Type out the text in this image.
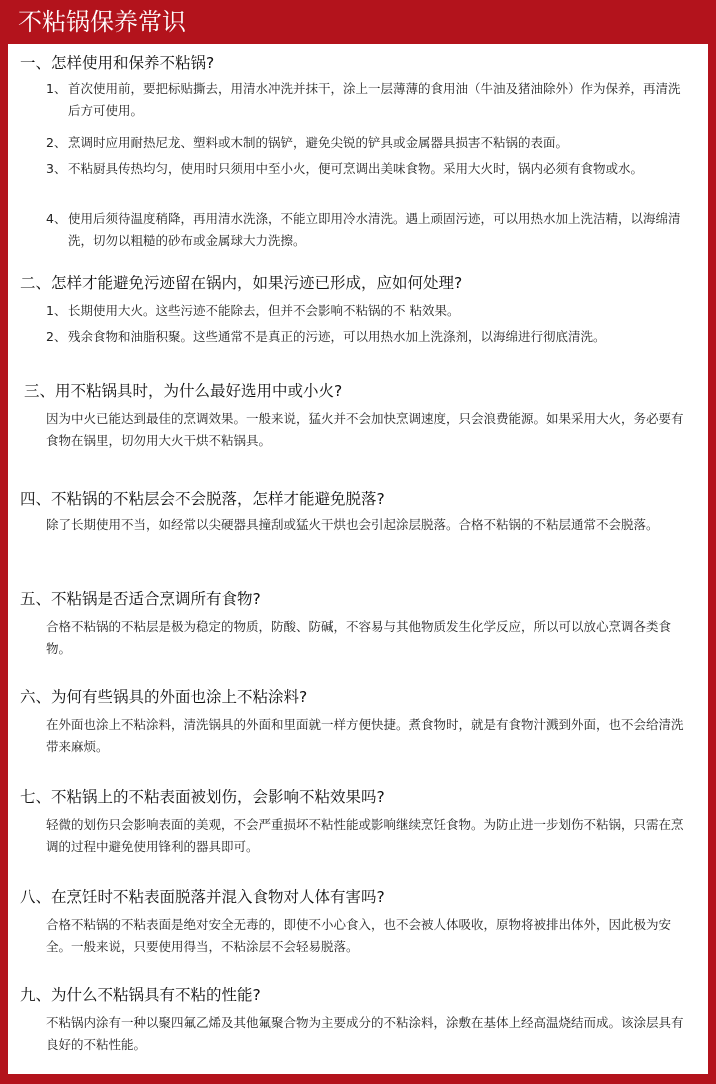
不粘锅保养常识
一、怎样使用和保养不粘锅?
1、 首次使用前，要把标贴撕去，用清水冲洗并抹干，涂上一层薄薄的食用油（牛油及猪油除外）作为保养，再清洗后方可使用。
2、 烹调时应用耐热尼龙、塑料或木制的锅铲，避免尖锐的铲具或金属器具损害不粘锅的表面。
3、 不粘厨具传热均匀，使用时只须用中至小火，便可烹调出美味食物。采用大火时，锅内必须有食物或水。
4、 使用后须待温度稍降，再用清水洗涤，不能立即用冷水清洗。遇上顽固污迹，可以用热水加上洗洁精，以海绵清洗，切勿以粗糙的砂布或金属球大力洗擦。
二、怎样才能避免污迹留在锅内，如果污迹已形成，应如何处理?
1、 长期使用大火。这些污迹不能除去，但并不会影响不粘锅的不 粘效果。
2、 残余食物和油脂积聚。这些通常不是真正的污迹，可以用热水加上洗涤剂，以海绵进行彻底清洗。
三、用不粘锅具时，为什么最好选用中或小火?

因为中火已能达到最佳的烹调效果。一般来说，猛火并不会加快烹调速度，只会浪费能源。如果采用大火，务必要有食物在锅里，切勿用大火干烘不粘锅具。

四、不粘锅的不粘层会不会脱落，怎样才能避免脱落?

除了长期使用不当，如经常以尖硬器具撞刮或猛火干烘也会引起涂层脱落。合格不粘锅的不粘层通常不会脱落。

五、不粘锅是否适合烹调所有食物?

合格不粘锅的不粘层是极为稳定的物质，防酸、防碱，不容易与其他物质发生化学反应，所以可以放心烹调各类食物。

六、为何有些锅具的外面也涂上不粘涂料?

在外面也涂上不粘涂料，清洗锅具的外面和里面就一样方便快捷。煮食物时，就是有食物汁溅到外面，也不会给清洗带来麻烦。

七、不粘锅上的不粘表面被划伤，会影响不粘效果吗?

轻微的划伤只会影响表面的美观，不会严重损坏不粘性能或影响继续烹饪食物。为防止进一步划伤不粘锅，只需在烹调的过程中避免使用锋利的器具即可。

八、在烹饪时不粘表面脱落并混入食物对人体有害吗?

合格不粘锅的不粘表面是绝对安全无毒的，即使不小心食入，也不会被人体吸收，原物将被排出体外，因此极为安全。一般来说，只要使用得当，不粘涂层不会轻易脱落。

九、为什么不粘锅具有不粘的性能?

不粘锅内涂有一种以聚四氟乙烯及其他氟聚合物为主要成分的不粘涂料，涂敷在基体上经高温烧结而成。该涂层具有良好的不粘性能。
